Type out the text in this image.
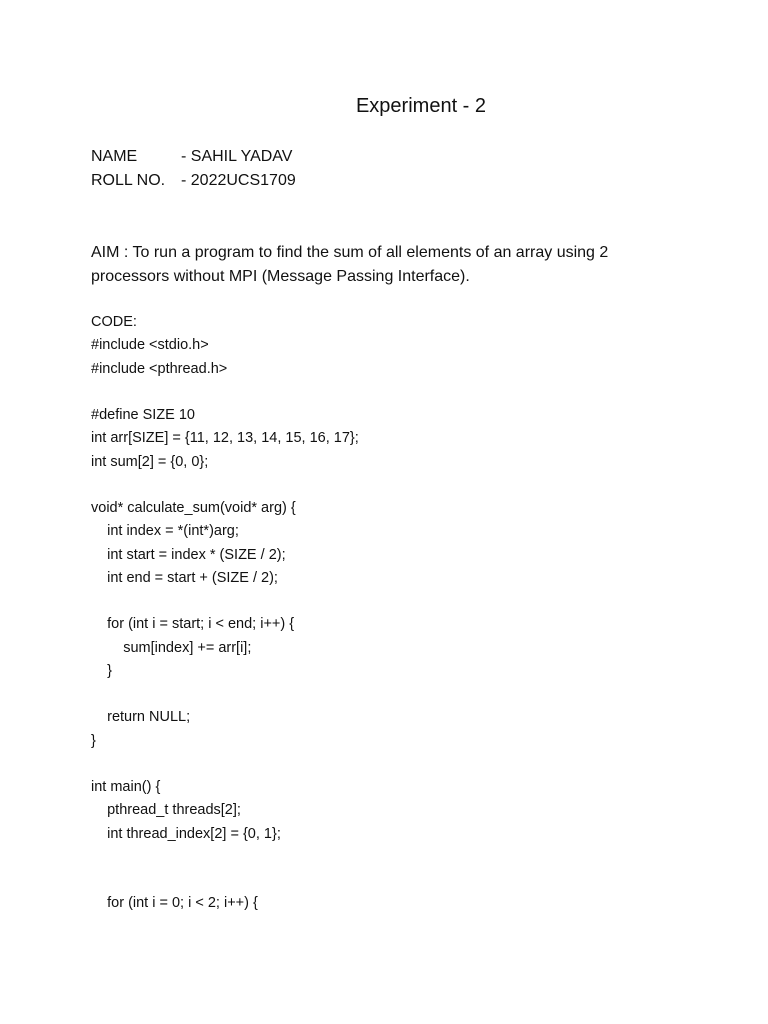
Experiment - 2
NAME	- SAHIL YADAV
ROLL NO. - 2022UCS1709
AIM : To run a program to find the sum of all elements of an array using 2
processors without MPI (Message Passing Interface).
CODE:
#include <stdio.h>
#include <pthread.h>
#define SIZE 10
int arr[SIZE] = {11, 12, 13, 14, 15, 16, 17};
int sum[2] = {0, 0};
void* calculate_sum(void* arg) {
int index = *(int*)arg;
int start = index * (SIZE / 2);
int end = start + (SIZE / 2);
for (int i = start; i < end; i++) {
sum[index] += arr[i];
}
return NULL;
}
int main() {
pthread_t threads[2];
int thread_index[2] = {0, 1};
for (int i = 0; i < 2; i++) {
